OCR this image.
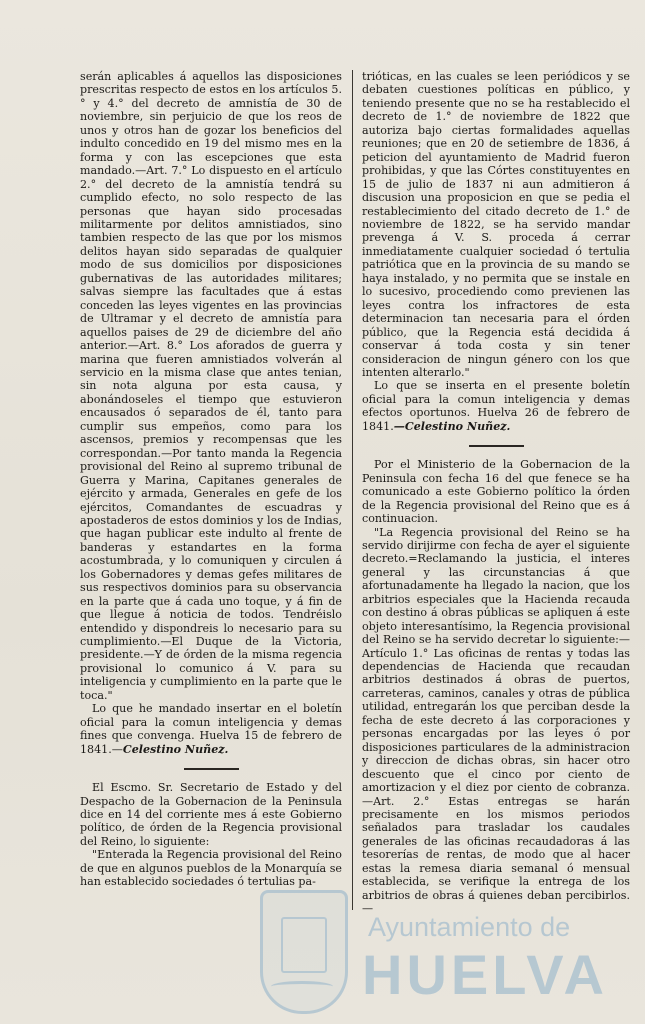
serán aplicables á aquellos las disposiciones prescritas respecto de estos en los artículos 5.° y 4.° del decreto de amnistía de 30 de noviembre, sin perjuicio de que los reos de unos y otros han de gozar los beneficios del indulto concedido en 19 del mismo mes en la forma y con las escepciones que esta mandado.—Art. 7.° Lo dispuesto en el artículo 2.° del decreto de la amnistía tendrá su cumplido efecto, no solo respecto de las personas que hayan sido procesadas militarmente por delitos amnistiados, sino tambien respecto de las que por los mismos delitos hayan sido separadas de qualquier modo de sus domicilios por disposiciones gubernativas de las autoridades militares; salvas siempre las facultades que á estas conceden las leyes vigentes en las provincias de Ultramar y el decreto de amnistía para aquellos paises de 29 de diciembre del año anterior.—Art. 8.° Los aforados de guerra y marina que fueren amnistiados volverán al servicio en la misma clase que antes tenian, sin nota alguna por esta causa, y abonándoseles el tiempo que estuvieron encausados ó separados de él, tanto para cumplir sus empeños, como para los ascensos, premios y recompensas que les correspondan.—Por tanto manda la Regencia provisional del Reino al supremo tribunal de Guerra y Marina, Capitanes generales de ejército y armada, Generales en gefe de los ejércitos, Comandantes de escuadras y apostaderos de estos dominios y los de Indias, que hagan publicar este indulto al frente de banderas y estandartes en la forma acostumbrada, y lo comuniquen y circulen á los Gobernadores y demas gefes militares de sus respectivos dominios para su observancia en la parte que á cada uno toque, y á fin de que llegue á noticia de todos. Tendréislo entendido y dispondreis lo necesario para su cumplimiento.—El Duque de la Victoria, presidente.—Y de órden de la misma regencia provisional lo comunico á V. para su inteligencia y cumplimiento en la parte que le toca."

Lo que he mandado insertar en el boletín oficial para la comun inteligencia y demas fines que convenga. Huelva 15 de febrero de 1841.—Celestino Nuñez.

El Escmo. Sr. Secretario de Estado y del Despacho de la Gobernacion de la Peninsula dice en 14 del corriente mes á este Gobierno político, de órden de la Regencia provisional del Reino, lo siguiente:

"Enterada la Regencia provisional del Reino de que en algunos pueblos de la Monarquía se han establecido sociedades ó tertulias pa-

trióticas, en las cuales se leen periódicos y se debaten cuestiones políticas en público, y teniendo presente que no se ha restablecido el decreto de 1.° de noviembre de 1822 que autoriza bajo ciertas formalidades aquellas reuniones; que en 20 de setiembre de 1836, á peticion del ayuntamiento de Madrid fueron prohibidas, y que las Córtes constituyentes en 15 de julio de 1837 ni aun admitieron á discusion una proposicion en que se pedia el restablecimiento del citado decreto de 1.° de noviembre de 1822, se ha servido mandar prevenga á V. S. proceda á cerrar inmediatamente cualquier sociedad ó tertulia patriótica que en la provincia de su mando se haya instalado, y no permita que se instale en lo sucesivo, procediendo como previenen las leyes contra los infractores de esta determinacion tan necesaria para el órden público, que la Regencia está decidida á conservar á toda costa y sin tener consideracion de ningun género con los que intenten alterarlo."

Lo que se inserta en el presente boletín oficial para la comun inteligencia y demas efectos oportunos. Huelva 26 de febrero de 1841.—Celestino Nuñez.

Por el Ministerio de la Gobernacion de la Peninsula con fecha 16 del que fenece se ha comunicado a este Gobierno político la órden de la Regencia provisional del Reino que es á continuacion.

"La Regencia provisional del Reino se ha servido dirijirme con fecha de ayer el siguiente decreto.=Reclamando la justicia, el interes general y las circunstancias á que afortunadamente ha llegado la nacion, que los arbitrios especiales que la Hacienda recauda con destino á obras públicas se apliquen á este objeto interesantísimo, la Regencia provisional del Reino se ha servido decretar lo siguiente:—Artículo 1.° Las oficinas de rentas y todas las dependencias de Hacienda que recaudan arbitrios destinados á obras de puertos, carreteras, caminos, canales y otras de pública utilidad, entregarán los que perciban desde la fecha de este decreto á las corporaciones y personas encargadas por las leyes ó por disposiciones particulares de la administracion y direccion de dichas obras, sin hacer otro descuento que el cinco por ciento de amortizacion y el diez por ciento de cobranza.—Art. 2.° Estas entregas se harán precisamente en los mismos periodos señalados para trasladar los caudales generales de las oficinas recaudadoras á las tesorerías de rentas, de modo que al hacer estas la remesa diaria semanal ó mensual establecida, se verifique la entrega de los arbitrios de obras á quienes deban percibirlos.—

Ayuntamiento de
HUELVA
